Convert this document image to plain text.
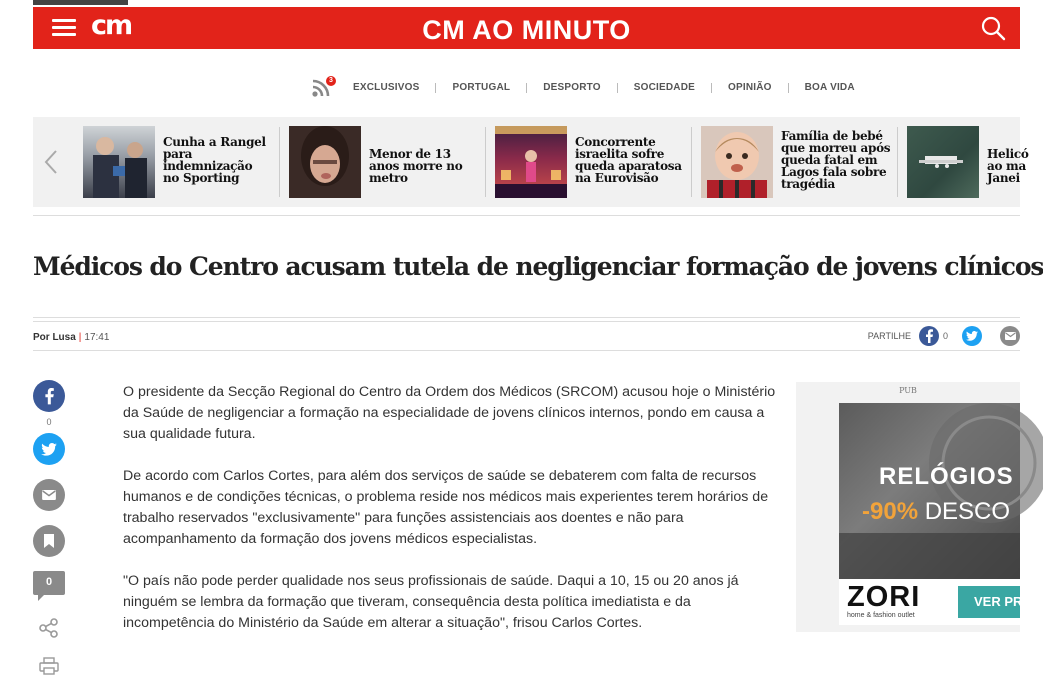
cm	CM AO MINUTO
3
EXCLUSIVOS	PORTUGAL	DESPORTO	SOCIEDADE	OPINIÃO	BOA VIDA
Cunha a Rangel para indemnização no Sporting
Menor de 13 anos morre no metro
Concorrente israelita sofre queda aparatosa na Eurovisão
Família de bebé que morreu após queda fatal em Lagos fala sobre tragédia
Helicó ao ma Janei
Médicos do Centro acusam tutela de negligenciar formação de jovens clínicos
Por Lusa | 17:41	PARTILHE	0
0
0

O presidente da Secção Regional do Centro da Ordem dos Médicos (SRCOM) acusou hoje o Ministério da Saúde de negligenciar a formação na especialidade de jovens clínicos internos, pondo em causa a sua qualidade futura.

De acordo com Carlos Cortes, para além dos serviços de saúde se debaterem com falta de recursos humanos e de condições técnicas, o problema reside nos médicos mais experientes terem horários de trabalho reservados "exclusivamente" para funções assistenciais aos doentes e não para acompanhamento da formação dos jovens médicos especialistas.

"O país não pode perder qualidade nos seus profissionais de saúde. Daqui a 10, 15 ou 20 anos já ninguém se lembra da formação que tiveram, consequência desta política imediatista e da incompetência do Ministério da Saúde em alterar a situação", frisou Carlos Cortes.

PUB
RELÓGIOS
-90% DESCO
ZORI
home & fashion outlet
VER PR
